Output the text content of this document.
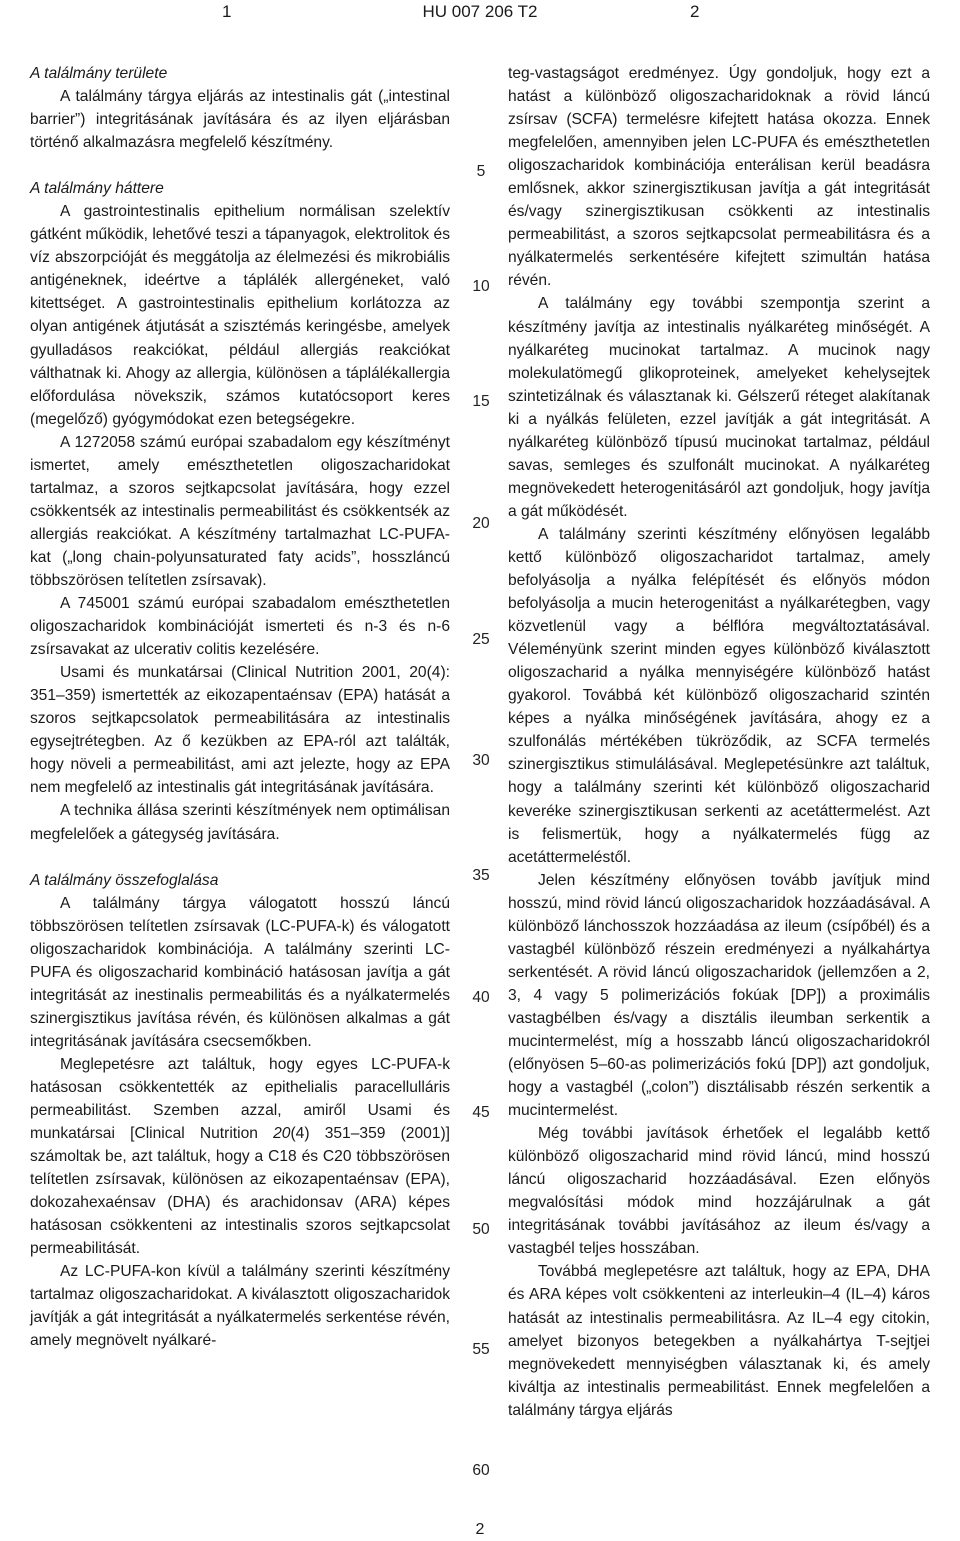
1	HU 007 206 T2	2
A találmány területe

A találmány tárgya eljárás az intestinalis gát („intestinal barrier”) integritásának javítására és az ilyen eljárásban történő alkalmazásra megfelelő készítmény.

A találmány háttere

A gastrointestinalis epithelium normálisan szelektív gátként működik, lehetővé teszi a tápanyagok, elektrolitok és víz abszorpcióját és meggátolja az élelmezési és mikrobiális antigéneknek, ideértve a táplálék allergéneket, való kitettséget. A gastrointestinalis epithelium korlátozza az olyan antigének átjutását a szisztémás keringésbe, amelyek gyulladásos reakciókat, például allergiás reakciókat válthatnak ki. Ahogy az allergia, különösen a táplálékallergia előfordulása növekszik, számos kutatócsoport keres (megelőző) gyógymódokat ezen betegségekre.

A 1272058 számú európai szabadalom egy készítményt ismertet, amely emészthetetlen oligoszacharidokat tartalmaz, a szoros sejtkapcsolat javítására, hogy ezzel csökkentsék az intestinalis permeabilitást és csökkentsék az allergiás reakciókat. A készítmény tartalmazhat LC-PUFA-kat („long chain-polyunsaturated faty acids”, hosszláncú többszörösen telítetlen zsírsavak).

A 745001 számú európai szabadalom emészthetetlen oligoszacharidok kombinációját ismerteti és n-3 és n-6 zsírsavakat az ulcerativ colitis kezelésére.

Usami és munkatársai (Clinical Nutrition 2001, 20(4): 351–359) ismertették az eikozapentaénsav (EPA) hatását a szoros sejtkapcsolatok permeabilitására az intestinalis egysejtrétegben. Az ő kezükben az EPA-ról azt találták, hogy növeli a permeabilitást, ami azt jelezte, hogy az EPA nem megfelelő az intestinalis gát integritásának javítására.

A technika állása szerinti készítmények nem optimálisan megfelelőek a gátegység javítására.

A találmány összefoglalása

A találmány tárgya válogatott hosszú láncú többszörösen telítetlen zsírsavak (LC-PUFA-k) és válogatott oligoszacharidok kombinációja. A találmány szerinti LC-PUFA és oligoszacharid kombináció hatásosan javítja a gát integritását az inestinalis permeabilitás és a nyálkatermelés szinergisztikus javítása révén, és különösen alkalmas a gát integritásának javítására csecsemőkben.

Meglepetésre azt találtuk, hogy egyes LC-PUFA-k hatásosan csökkentették az epithelialis paracellulláris permeabilitást. Szemben azzal, amiről Usami és munkatársai [Clinical Nutrition 20(4) 351–359 (2001)] számoltak be, azt találtuk, hogy a C18 és C20 többszörösen telítetlen zsírsavak, különösen az eikozapentaénsav (EPA), dokozahexaénsav (DHA) és arachidonsav (ARA) képes hatásosan csökkenteni az intestinalis szoros sejtkapcsolat permeabilitását.

Az LC-PUFA-kon kívül a találmány szerinti készítmény tartalmaz oligoszacharidokat. A kiválasztott oligoszacharidok javítják a gát integritását a nyálkatermelés serkentése révén, amely megnövelt nyálkaré-

5
10
15
20
25
30
35
40
45
50
55
60

teg-vastagságot eredményez. Úgy gondoljuk, hogy ezt a hatást a különböző oligoszacharidoknak a rövid láncú zsírsav (SCFA) termelésre kifejtett hatása okozza. Ennek megfelelően, amennyiben jelen LC-PUFA és emészthetetlen oligoszacharidok kombinációja enterálisan kerül beadásra emlősnek, akkor szinergisztikusan javítja a gát integritását és/vagy szinergisztikusan csökkenti az intestinalis permeabilitást, a szoros sejtkapcsolat permeabilitásra és a nyálkatermelés serkentésére kifejtett szimultán hatása révén.

A találmány egy további szempontja szerint a készítmény javítja az intestinalis nyálkaréteg minőségét. A nyálkaréteg mucinokat tartalmaz. A mucinok nagy molekulatömegű glikoproteinek, amelyeket kehelysejtek szintetizálnak és választanak ki. Gélszerű réteget alakítanak ki a nyálkás felületen, ezzel javítják a gát integritását. A nyálkaréteg különböző típusú mucinokat tartalmaz, például savas, semleges és szulfonált mucinokat. A nyálkaréteg megnövekedett heterogenitásáról azt gondoljuk, hogy javítja a gát működését.

A találmány szerinti készítmény előnyösen legalább kettő különböző oligoszacharidot tartalmaz, amely befolyásolja a nyálka felépítését és előnyös módon befolyásolja a mucin heterogenitást a nyálkarétegben, vagy közvetlenül vagy a bélflóra megváltoztatásával. Véleményünk szerint minden egyes különböző kiválasztott oligoszacharid a nyálka mennyiségére különböző hatást gyakorol. Továbbá két különböző oligoszacharid szintén képes a nyálka minőségének javítására, ahogy ez a szulfonálás mértékében tükröződik, az SCFA termelés szinergisztikus stimulálásával. Meglepetésünkre azt találtuk, hogy a találmány szerinti két különböző oligoszacharid keveréke szinergisztikusan serkenti az acetáttermelést. Azt is felismertük, hogy a nyálkatermelés függ az acetáttermeléstől.

Jelen készítmény előnyösen tovább javítjuk mind hosszú, mind rövid láncú oligoszacharidok hozzáadásával. A különböző lánchosszok hozzáadása az ileum (csípőbél) és a vastagbél különböző részein eredményezi a nyálkahártya serkentését. A rövid láncú oligoszacharidok (jellemzően a 2, 3, 4 vagy 5 polimerizációs fokúak [DP]) a proximális vastagbélben és/vagy a disztális ileumban serkentik a mucintermelést, míg a hosszabb láncú oligoszacharidokról (előnyösen 5–60-as polimerizációs fokú [DP]) azt gondoljuk, hogy a vastagbél („colon”) disztálisabb részén serkentik a mucintermelést.

Még további javítások érhetőek el legalább kettő különböző oligoszacharid mind rövid láncú, mind hosszú láncú oligoszacharid hozzáadásával. Ezen előnyös megvalósítási módok mind hozzájárulnak a gát integritásának további javításához az ileum és/vagy a vastagbél teljes hosszában.

Továbbá meglepetésre azt találtuk, hogy az EPA, DHA és ARA képes volt csökkenteni az interleukin–4 (IL–4) káros hatását az intestinalis permeabilitásra. Az IL–4 egy citokin, amelyet bizonyos betegekben a nyálkahártya T-sejtjei megnövekedett mennyiségben választanak ki, és amely kiváltja az intestinalis permeabilitást. Ennek megfelelően a találmány tárgya eljárás

2
